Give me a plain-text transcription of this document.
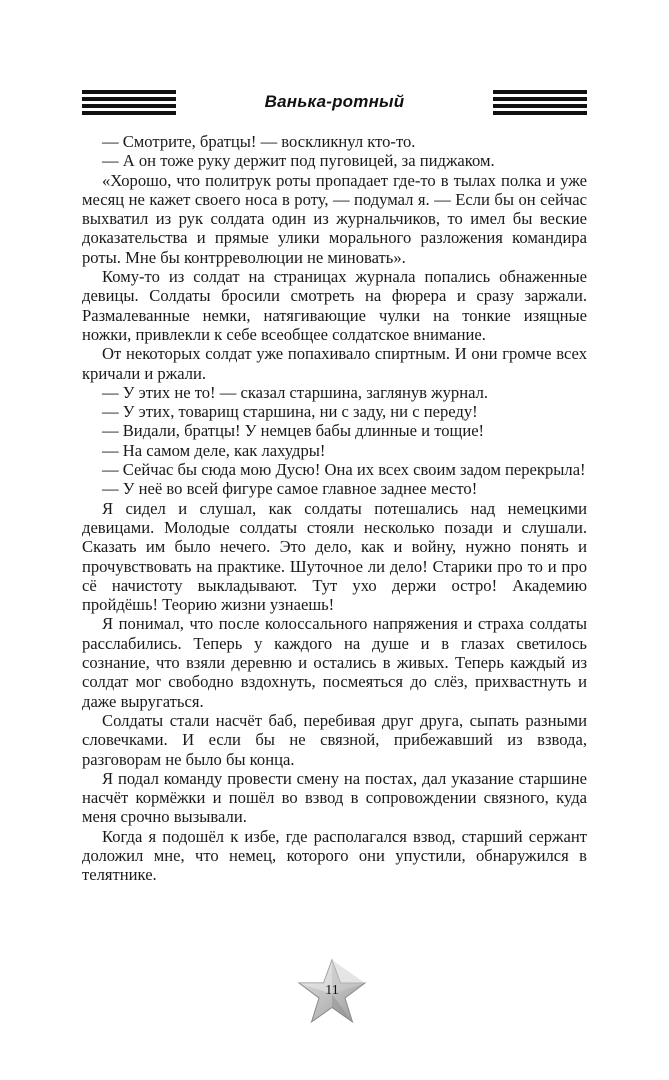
Ванька-ротный

— Смотрите, братцы! — воскликнул кто-то.

— А он тоже руку держит под пуговицей, за пиджаком.

«Хорошо, что политрук роты пропадает где-то в тылах полка и уже месяц не кажет своего носа в роту, — подумал я. — Если бы он сейчас выхватил из рук солдата один из журнальчиков, то имел бы веские доказательства и прямые улики морального разложения командира роты. Мне бы контрреволюции не миновать».

Кому-то из солдат на страницах журнала попались обнаженные девицы. Солдаты бросили смотреть на фюрера и сразу заржали. Размалеванные немки, натягивающие чулки на тонкие изящные ножки, привлекли к себе всеобщее солдатское внимание.

От некоторых солдат уже попахивало спиртным. И они громче всех кричали и ржали.

— У этих не то! — сказал старшина, заглянув журнал.

— У этих, товарищ старшина, ни с заду, ни с переду!

— Видали, братцы! У немцев бабы длинные и тощие!

— На самом деле, как лахудры!

— Сейчас бы сюда мою Дусю! Она их всех своим задом перекрыла!

— У неё во всей фигуре самое главное заднее место!

Я сидел и слушал, как солдаты потешались над немецкими девицами. Молодые солдаты стояли несколько позади и слушали. Сказать им было нечего. Это дело, как и войну, нужно понять и прочувствовать на практике. Шуточное ли дело! Старики про то и про сё начистоту выкладывают. Тут ухо держи остро! Академию пройдёшь! Теорию жизни узнаешь!

Я понимал, что после колоссального напряжения и страха солдаты расслабились. Теперь у каждого на душе и в глазах светилось сознание, что взяли деревню и остались в живых. Теперь каждый из солдат мог свободно вздохнуть, посмеяться до слёз, прихвастнуть и даже выругаться.

Солдаты стали насчёт баб, перебивая друг друга, сыпать разными словечками. И если бы не связной, прибежавший из взвода, разговорам не было бы конца.

Я подал команду провести смену на постах, дал указание старшине насчёт кормёжки и пошёл во взвод в сопровождении связного, куда меня срочно вызывали.

Когда я подошёл к избе, где располагался взвод, старший сержант доложил мне, что немец, которого они упустили, обнаружился в телятнике.

11
